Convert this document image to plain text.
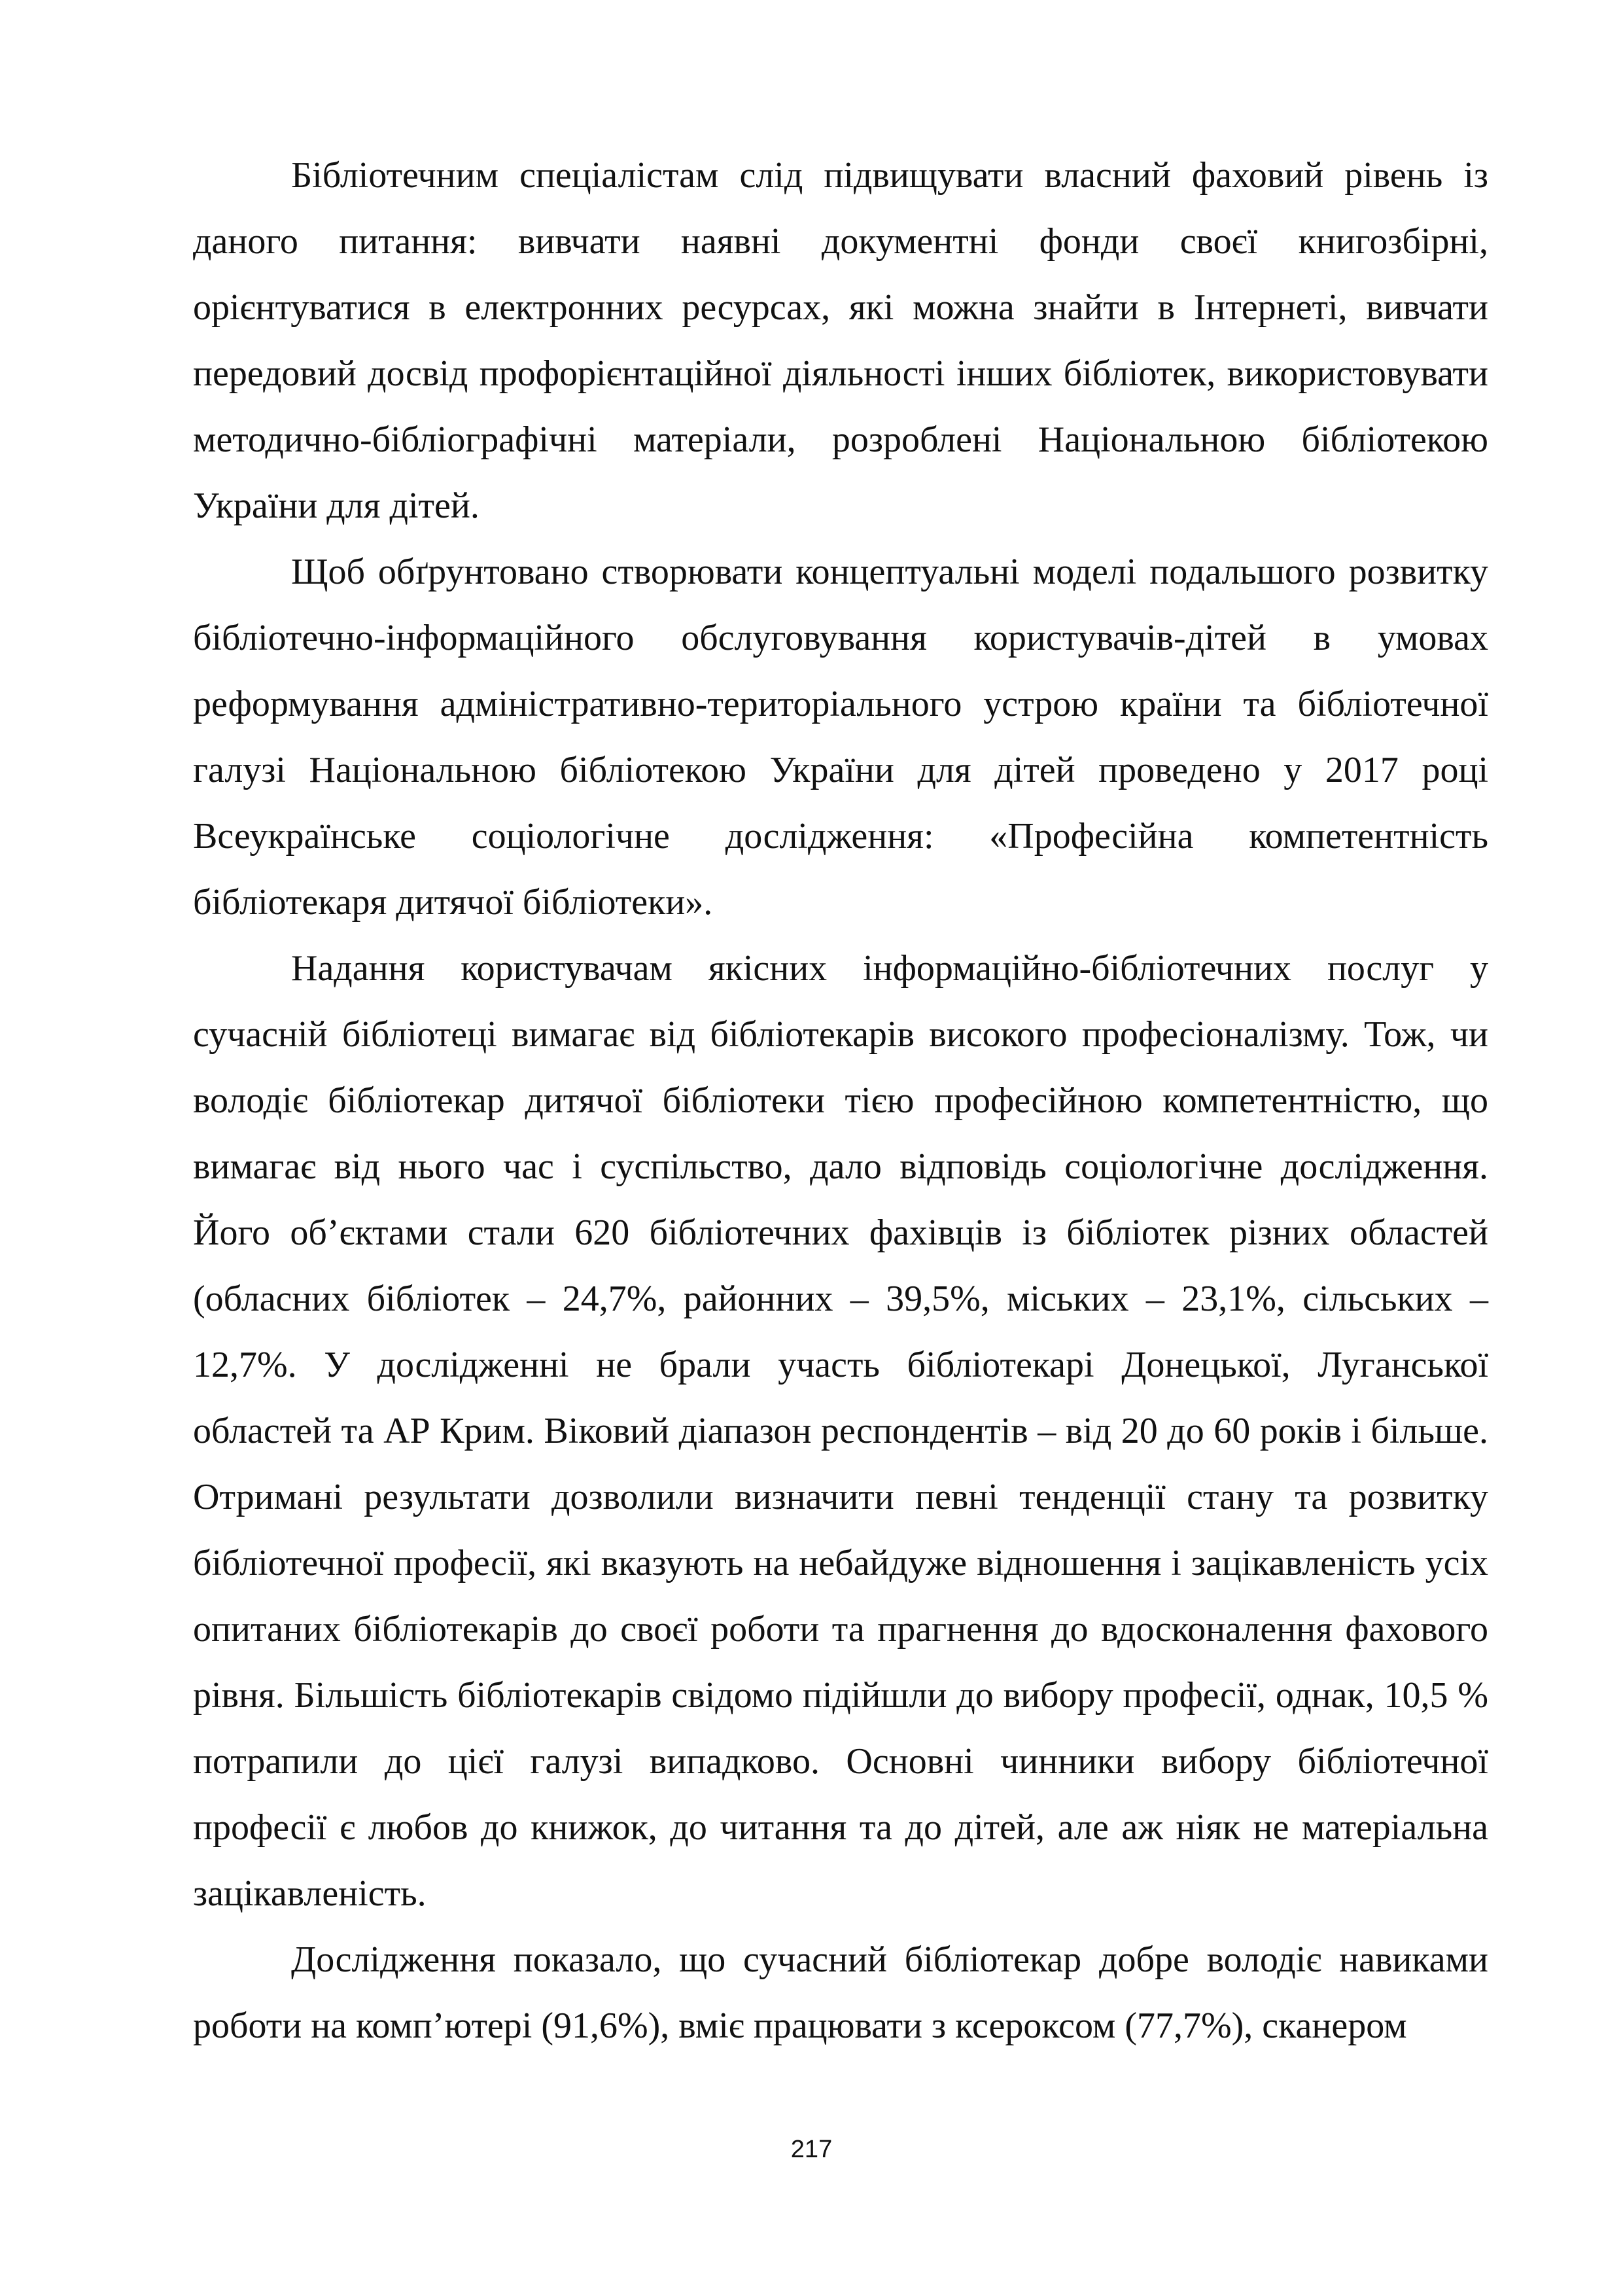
Бібліотечним спеціалістам слід підвищувати власний фаховий рівень із даного питання: вивчати наявні документні фонди своєї книгозбірні, орієнтуватися в електронних ресурсах, які можна знайти в Інтернеті, вивчати передовий досвід профорієнтаційної діяльності інших бібліотек, використовувати методично-бібліографічні матеріали, розроблені Національною бібліотекою України для дітей.

Щоб обґрунтовано створювати концептуальні моделі подальшого розвитку бібліотечно-інформаційного обслуговування користувачів-дітей в умовах реформування адміністративно-територіального устрою країни та бібліотечної галузі Національною бібліотекою України для дітей проведено у 2017 році Всеукраїнське соціологічне дослідження: «Професійна компетентність бібліотекаря дитячої бібліотеки».

Надання користувачам якісних інформаційно-бібліотечних послуг у сучасній бібліотеці вимагає від бібліотекарів високого професіоналізму. Тож, чи володіє бібліотекар дитячої бібліотеки тією професійною компетентністю, що вимагає від нього час і суспільство, дало відповідь соціологічне дослідження. Його об’єктами стали 620 бібліотечних фахівців із бібліотек різних областей (обласних бібліотек – 24,7%, районних – 39,5%, міських – 23,1%, сільських – 12,7%. У дослідженні не брали участь бібліотекарі Донецької, Луганської областей та АР Крим. Віковий діапазон респондентів – від 20 до 60 років і більше. Отримані результати дозволили визначити певні тенденції стану та розвитку бібліотечної професії, які вказують на небайдуже відношення і зацікавленість усіх опитаних бібліотекарів до своєї роботи та прагнення до вдосконалення фахового рівня. Більшість бібліотекарів свідомо підійшли до вибору професії, однак, 10,5 % потрапили до цієї галузі випадково. Основні чинники вибору бібліотечної професії є любов до книжок, до читання та до дітей, але аж ніяк не матеріальна зацікавленість.

Дослідження показало, що сучасний бібліотекар добре володіє навиками роботи на комп’ютері (91,6%), вміє працювати з ксероксом (77,7%), сканером

217
